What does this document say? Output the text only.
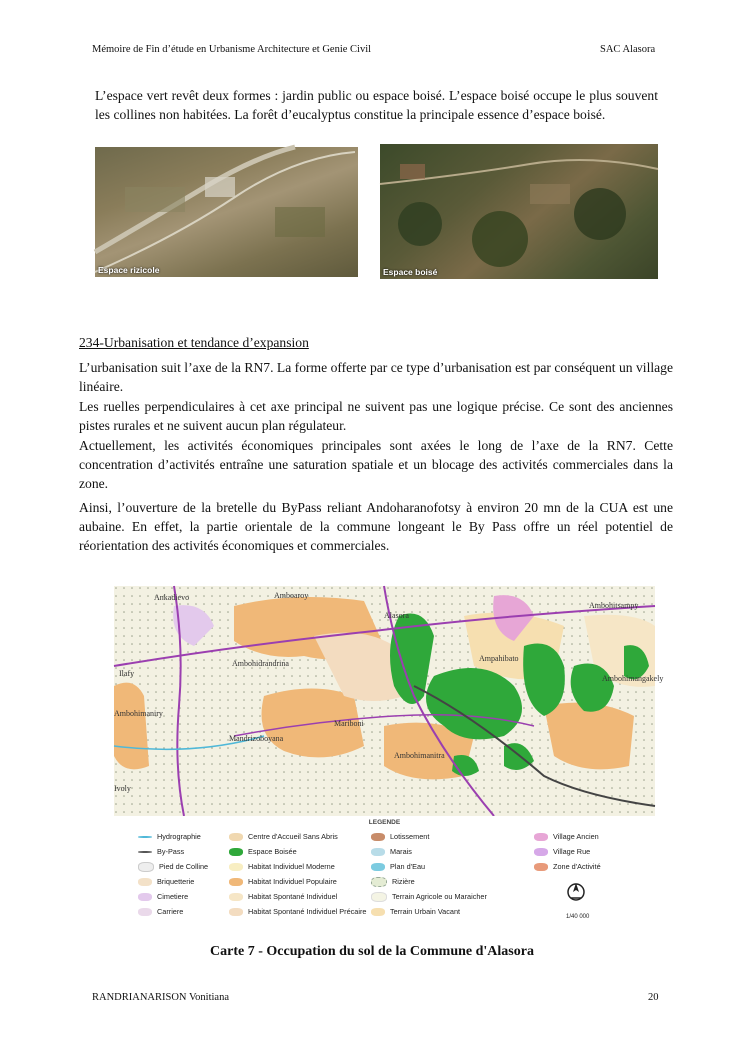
Mémoire de Fin d’étude en Urbanisme Architecture et Genie Civil	SAC Alasora
L’espace vert revêt deux formes : jardin public ou espace boisé. L’espace boisé occupe le plus souvent les collines non habitées. La forêt d’eucalyptus constitue la principale essence d’espace boisé.
Espace rizicole	Espace boisé
234-Urbanisation et tendance d’expansion
L’urbanisation suit l’axe de la RN7. La forme offerte par ce type d’urbanisation est par conséquent un village linéaire.
Les ruelles perpendiculaires à cet axe principal ne suivent pas une logique précise. Ce sont des anciennes pistes rurales et ne suivent aucun plan régulateur.
Actuellement, les activités économiques principales sont axées le long de l’axe de la RN7. Cette concentration d’activités entraîne une saturation spatiale et un blocage des activités commerciales dans la zone.
Ainsi, l’ouverture de la bretelle du ByPass reliant Andoharanofotsy à environ 20 mn de la CUA est une aubaine. En effet, la partie orientale de la commune longeant le By Pass offre un réel potentiel de réorientation des activités économiques et commerciales.
Ankadievo	Amboaroy
Ambohitsampy
Alasora
Ambohidrandrina
Ampahibato
Ilafy
Ambohimangakely
Mandrizoboyana
Mariboni
Ambohimanitra
Ambohimaniry
Ivoly
LEGENDE
Hydrographie
By-Pass
Pied de Colline
Briquetterie
Cimetiere
Carriere
Centre d'Accueil Sans Abris
Espace Boisée
Habitat Individuel Moderne
Habitat Individuel Populaire
Habitat Spontané Individuel
Habitat Spontané Individuel Précaire
Lotissement
Marais
Plan d'Eau
Rizière
Terrain Agricole ou Maraicher
Terrain Urbain Vacant
Village Ancien
Village Rue
Zone d'Activité
1/40 000
Carte 7 - Occupation du sol de la Commune d'Alasora
RANDRIANARISON Vonitiana	20
